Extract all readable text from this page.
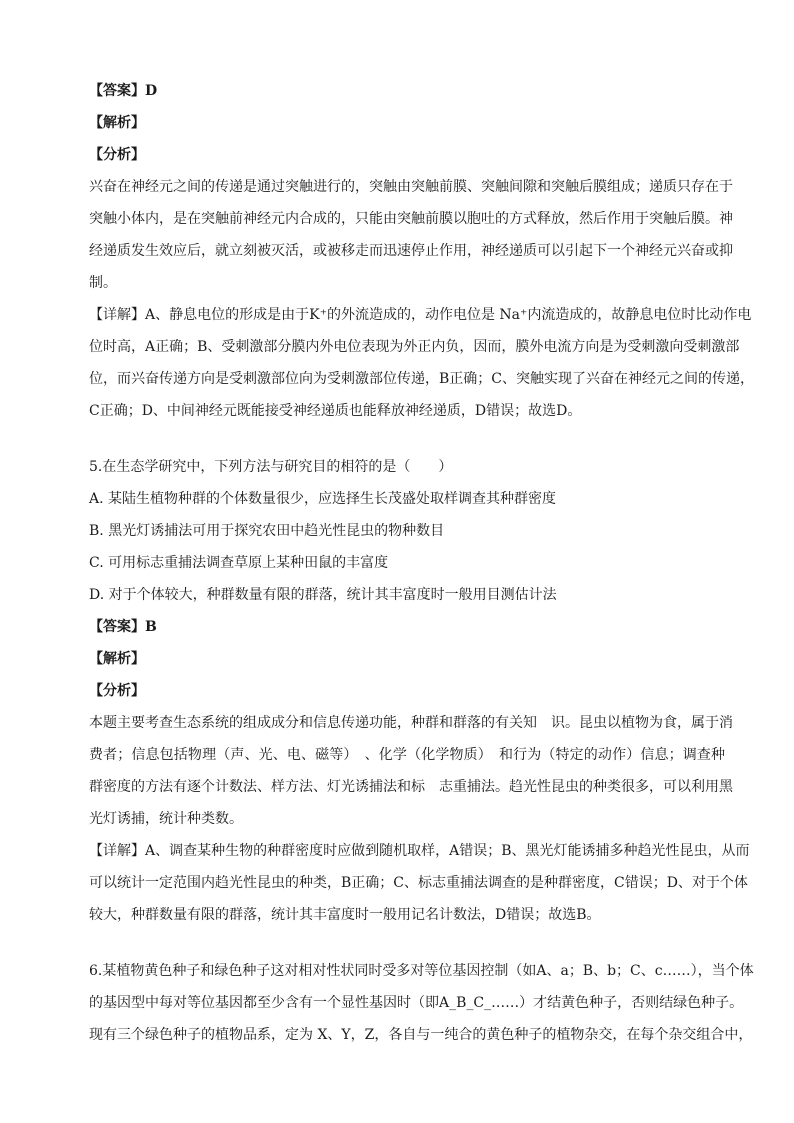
【答案】D
【解析】
【分析】
兴奋在神经元之间的传递是通过突触进行的，突触由突触前膜、突触间隙和突触后膜组成；递质只存在于
突触小体内，是在突触前神经元内合成的，只能由突触前膜以胞吐的方式释放，然后作用于突触后膜。神
经递质发生效应后，就立刻被灭活，或被移走而迅速停止作用，神经递质可以引起下一个神经元兴奋或抑
制。
【详解】A、静息电位的形成是由于K⁺的外流造成的，动作电位是 Na⁺内流造成的，故静息电位时比动作电
位时高，A正确；B、受刺激部分膜内外电位表现为外正内负，因而，膜外电流方向是为受刺激向受刺激部
位，而兴奋传递方向是受刺激部位向为受刺激部位传递，B正确；C、突触实现了兴奋在神经元之间的传递，
C正确；D、中间神经元既能接受神经递质也能释放神经递质，D错误；故选D。
5.在生态学研究中，下列方法与研究目的相符的是（　　）
A. 某陆生植物种群的个体数量很少，应选择生长茂盛处取样调查其种群密度
B. 黑光灯诱捕法可用于探究农田中趋光性昆虫的物种数目
C. 可用标志重捕法调查草原上某种田鼠的丰富度
D. 对于个体较大，种群数量有限的群落，统计其丰富度时一般用目测估计法
【答案】B
【解析】
【分析】
本题主要考查生态系统的组成成分和信息传递功能，种群和群落的有关知　识。昆虫以植物为食，属于消
费者；信息包括物理（声、光、电、磁等）　、化学（化学物质）　和行为（特定的动作）信息；调查种
群密度的方法有逐个计数法、样方法、灯光诱捕法和标　志重捕法。趋光性昆虫的种类很多，可以利用黑
光灯诱捕，统计种类数。
【详解】A、调查某种生物的种群密度时应做到随机取样，A错误；B、黑光灯能诱捕多种趋光性昆虫，从而
可以统计一定范围内趋光性昆虫的种类，B正确；C、标志重捕法调查的是种群密度，C错误；D、对于个体
较大，种群数量有限的群落，统计其丰富度时一般用记名计数法，D错误；故选B。
6.某植物黄色种子和绿色种子这对相对性状同时受多对等位基因控制（如A、a；B、b；C、c……），当个体
的基因型中每对等位基因都至少含有一个显性基因时（即A_B_C_……）才结黄色种子，否则结绿色种子。
现有三个绿色种子的植物品系，定为 X、Y，Z，各自与一纯合的黄色种子的植物杂交，在每个杂交组合中，
